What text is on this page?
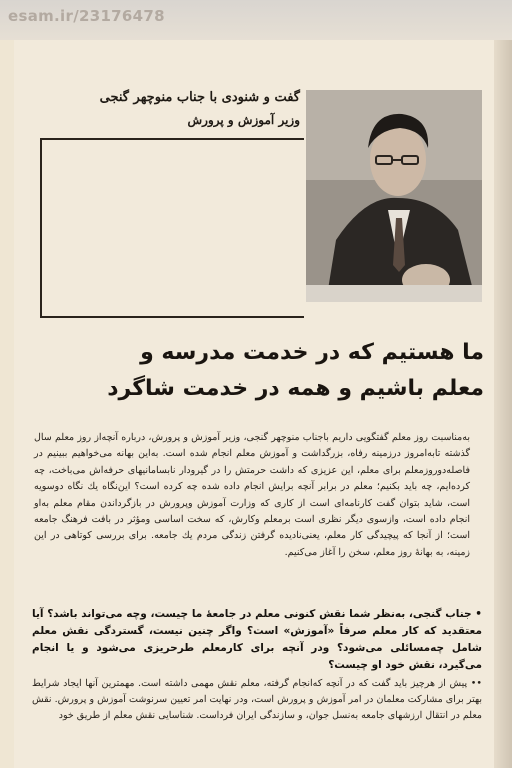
esam.ir/23176478
گفت و شنودی با جناب منوچهر گنجی
وزیر آموزش و پرورش
ما هستیم که در خدمت مدرسه و
معلم باشیم و همه در خدمت شاگرد
به‌مناسبت روز معلم گفتگویی داریم باجناب منوچهر گنجی، وزیر آموزش و پرورش، درباره آنچه‌از روز معلم سال گذشته تابه‌امروز درزمینه رفاه، بزرگداشت و آموزش معلم انجام شده است. به‌این بهانه می‌خواهیم ببینیم در فاصله‌دوروزمعلم برای معلم، این عزیزی که داشت حرمتش را در گیرودار نابسامانیهای حرفه‌اش می‌باخت، چه کرده‌ایم، چه باید بکنیم؛ معلم در برابر آنچه برایش انجام داده شده چه کرده است؟ این‌نگاه یك نگاه دوسویه است، شاید بتوان گفت کارنامه‌ای است از کاری که وزارت آموزش وپرورش در بازگرداندن مقام معلم به‌او انجام داده است، وازسوی دیگر نظری است برمعلم وکارش، که سخت اساسی ومؤثر در بافت فرهنگ جامعه است؛ از آنجا که پیچیدگی کار معلم، یعنی‌نادیده گرفتن زندگی مردم یك جامعه. برای بررسی کوتاهی در این زمینه، به بهانهٔ روز معلم، سخن را آغاز می‌کنیم.
• جناب گنجی، به‌نظر شما نقش کنونی معلم در جامعهٔ ما چیست، وچه می‌تواند باشد؟ آیا معتقدید که کار معلم صرفاً «آموزش» است؟ واگر چنین نیست، گستردگی نقش معلم شامل چه‌مسائلی می‌شود؟ ودر آنچه برای کارمعلم طرحریزی می‌شود و یا انجام می‌گیرد، نقش خود او چیست؟
•• پیش از هرچیز باید گفت که در آنچه که‌انجام گرفته، معلم نقش مهمی داشته است. مهمترین آنها ایجاد شرایط بهتر برای مشارکت معلمان در امر آموزش و پرورش است، ودر نهایت امر تعیین سرنوشت آموزش و پرورش. نقش معلم در انتقال ارزشهای جامعه به‌نسل جوان، و سازندگی ایران فرداست. شناسایی نقش معلم از طریق خود
